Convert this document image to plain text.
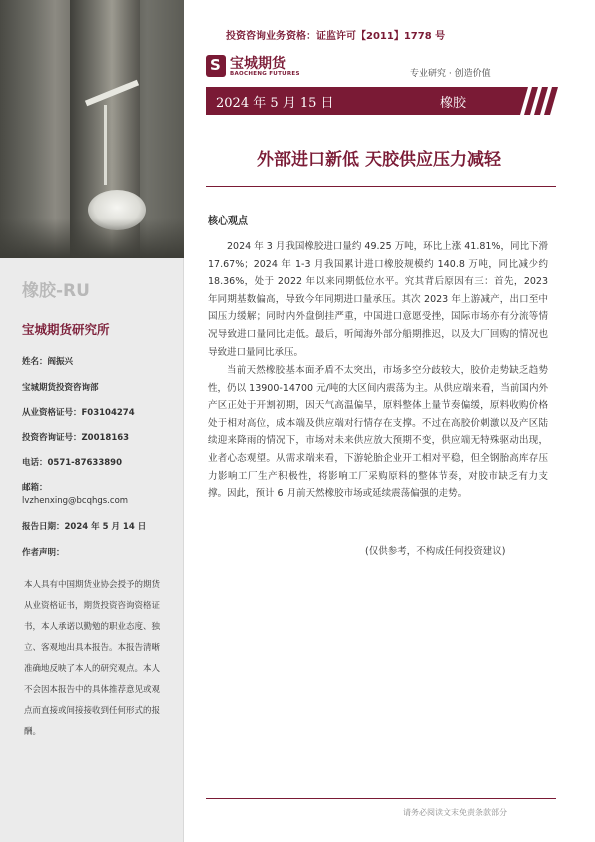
橡胶-RU
宝城期货研究所
姓名：阎振兴
宝城期货投资咨询部
从业资格证号：F03104274
投资咨询证号：Z0018163
电话：0571-87633890
邮箱：
lvzhenxing@bcqhgs.com
报告日期：2024 年 5 月 14 日
作者声明：
本人具有中国期货业协会授予的期货从业资格证书，期货投资咨询资格证书，本人承诺以勤勉的职业态度、独立、客观地出具本报告。本报告清晰准确地反映了本人的研究观点。本人不会因本报告中的具体推荐意见或观点而直接或间接接收到任何形式的报酬。
投资咨询业务资格：证监许可【2011】1778 号
S 宝城期货
BAOCHENG FUTURES	专业研究 · 创造价值
2024 年 5 月 15 日	橡胶
外部进口新低 天胶供应压力减轻
核心观点

2024 年 3 月我国橡胶进口量约 49.25 万吨，环比上涨 41.81%，同比下滑 17.67%；2024 年 1-3 月我国累计进口橡胶规模约 140.8 万吨，同比减少约 18.36%，处于 2022 年以来同期低位水平。究其背后原因有三：首先，2023 年同期基数偏高，导致今年同期进口量承压。其次 2023 年上游减产，出口至中国压力缓解；同时内外盘倒挂严重，中国进口意愿受挫，国际市场亦有分流等情况导致进口量同比走低。最后，听闻海外部分船期推迟，以及大厂回购的情况也导致进口量同比承压。

当前天然橡胶基本面矛盾不太突出，市场多空分歧较大，胶价走势缺乏趋势性，仍以 13900-14700 元/吨的大区间内震荡为主。从供应端来看，当前国内外产区正处于开割初期，因天气高温偏旱，原料整体上量节奏偏缓，原料收购价格处于相对高位，成本端及供应端对行情存在支撑。不过在高胶价刺激以及产区陆续迎来降雨的情况下，市场对未来供应放大预期不变，供应端无特殊驱动出现，业者心态观望。从需求端来看，下游轮胎企业开工相对平稳，但全钢胎高库存压力影响工厂生产积极性，将影响工厂采购原料的整体节奏，对胶市缺乏有力支撑。因此，预计 6 月前天然橡胶市场或延续震荡偏强的走势。

(仅供参考，不构成任何投资建议)
请务必阅读文末免责条款部分
